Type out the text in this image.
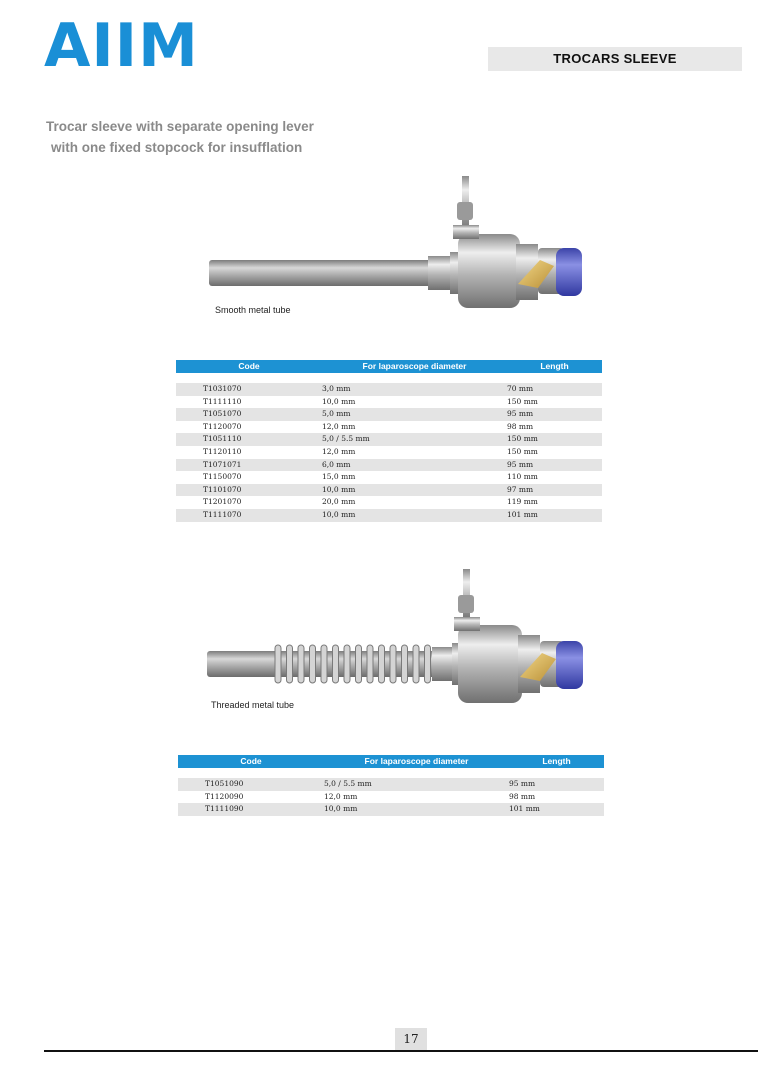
AIIM	TROCARS SLEEVE
Trocar sleeve with separate opening lever
with one fixed stopcock for insufflation
Smooth metal tube
Code	For laparoscope diameter	Length

T1031070	3,0 mm	70 mm
T1111110	10,0 mm	150 mm
T1051070	5,0 mm	95 mm
T1120070	12,0 mm	98 mm
T1051110	5,0 / 5.5 mm	150 mm
T1120110	12,0 mm	150 mm
T1071071	6,0 mm	95 mm
T1150070	15,0 mm	110 mm
T1101070	10,0 mm	97 mm
T1201070	20,0 mm	119 mm
T1111070	10,0 mm	101 mm
Threaded metal tube
Code	For laparoscope diameter	Length

T1051090	5,0 / 5.5 mm	95 mm
T1120090	12,0 mm	98 mm
T1111090	10,0 mm	101 mm
17
